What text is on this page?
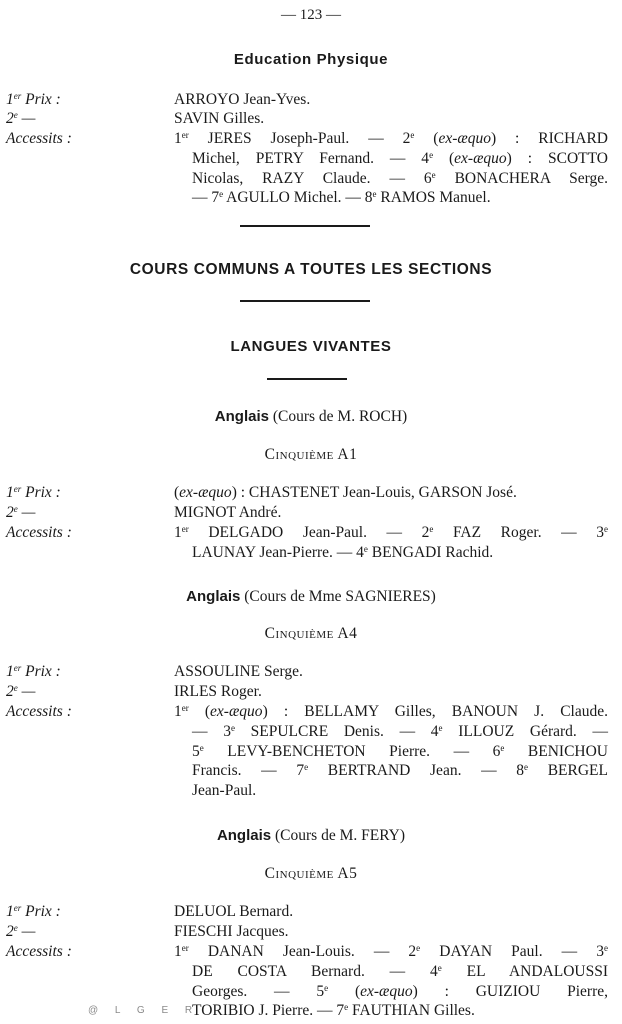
— 123 —
Education Physique
1er Prix :	ARROYO Jean-Yves.

2e —	SAVIN Gilles.

Accessits :	1er JERES Joseph-Paul. — 2e (ex-æquo) : RICHARD

Michel, PETRY Fernand. — 4e (ex-æquo) : SCOTTO

Nicolas, RAZY Claude. — 6e BONACHERA Serge.

— 7e AGULLO Michel. — 8e RAMOS Manuel.

COURS COMMUNS A TOUTES LES SECTIONS
LANGUES VIVANTES
Anglais (Cours de M. ROCH)
Cinquième A1
1er Prix :	(ex-æquo) : CHASTENET Jean-Louis, GARSON José.

2e —	MIGNOT André.

Accessits :	1er DELGADO Jean-Paul. — 2e FAZ Roger. — 3e

LAUNAY Jean-Pierre. — 4e BENGADI Rachid.

Anglais (Cours de Mme SAGNIERES)
Cinquième A4
1er Prix :	ASSOULINE Serge.

2e —	IRLES Roger.

Accessits :	1er (ex-æquo) : BELLAMY Gilles, BANOUN J. Claude.

— 3e SEPULCRE Denis. — 4e ILLOUZ Gérard. —

5e LEVY-BENCHETON Pierre. — 6e BENICHOU

Francis. — 7e BERTRAND Jean. — 8e BERGEL

Jean-Paul.

Anglais (Cours de M. FERY)
Cinquième A5
1er Prix :	DELUOL Bernard.

2e —	FIESCHI Jacques.

Accessits :	1er DANAN Jean-Louis. — 2e DAYAN Paul. — 3e

DE COSTA Bernard. — 4e EL ANDALOUSSI

Georges. — 5e (ex-æquo) : GUIZIOU Pierre,

TORIBIO J. Pierre. — 7e FAUTHIAN Gilles.

@ L G E R
